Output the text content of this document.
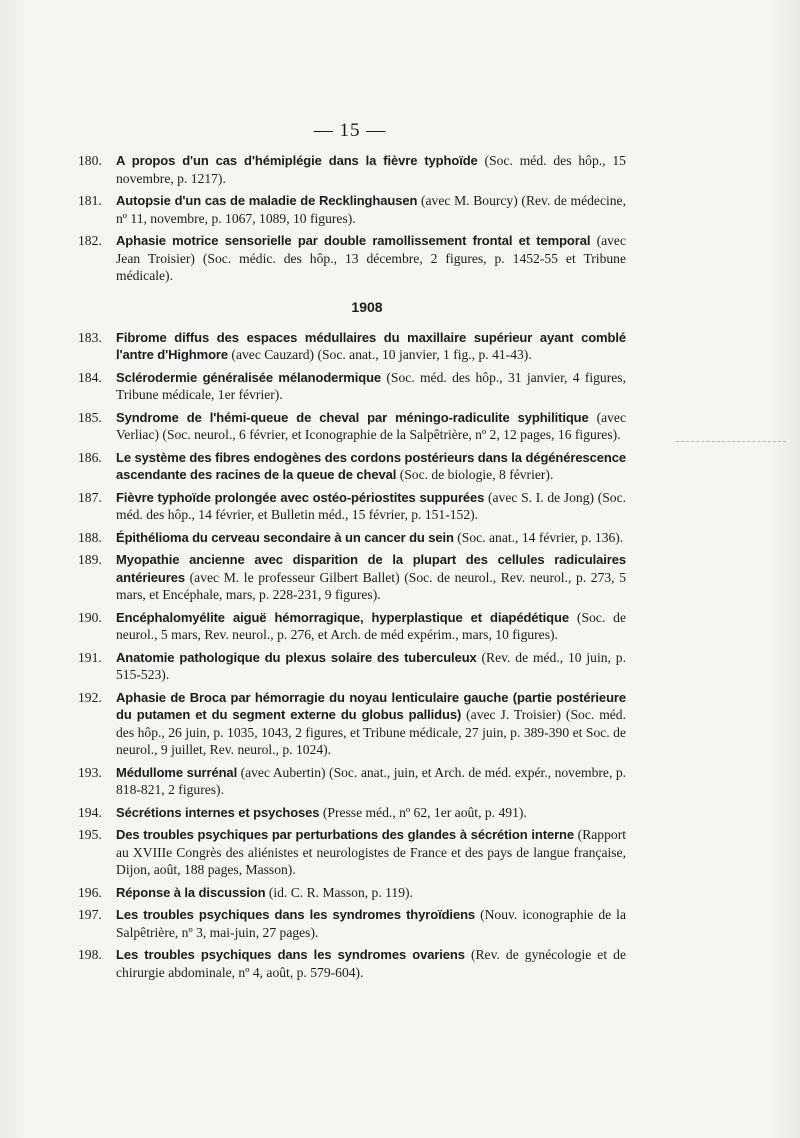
— 15 —
180. A propos d'un cas d'hémiplégie dans la fièvre typhoïde (Soc. méd. des hôp., 15 novembre, p. 1217).
181. Autopsie d'un cas de maladie de Recklinghausen (avec M. Bourcy) (Rev. de médecine, nº 11, novembre, p. 1067, 1089, 10 figures).
182. Aphasie motrice sensorielle par double ramollissement frontal et temporal (avec Jean Troisier) (Soc. médic. des hôp., 13 décembre, 2 figures, p. 1452-55 et Tribune médicale).
1908
183. Fibrome diffus des espaces médullaires du maxillaire supérieur ayant comblé l'antre d'Highmore (avec Cauzard) (Soc. anat., 10 janvier, 1 fig., p. 41-43).
184. Sclérodermie généralisée mélanodermique (Soc. méd. des hôp., 31 janvier, 4 figures, Tribune médicale, 1er février).
185. Syndrome de l'hémi-queue de cheval par méningo-radiculite syphilitique (avec Verliac) (Soc. neurol., 6 février, et Iconographie de la Salpêtrière, nº 2, 12 pages, 16 figures).
186. Le système des fibres endogènes des cordons postérieurs dans la dégénérescence ascendante des racines de la queue de cheval (Soc. de biologie, 8 février).
187. Fièvre typhoïde prolongée avec ostéo-périostites suppurées (avec S. I. de Jong) (Soc. méd. des hôp., 14 février, et Bulletin méd., 15 février, p. 151-152).
188. Épithélioma du cerveau secondaire à un cancer du sein (Soc. anat., 14 février, p. 136).
189. Myopathie ancienne avec disparition de la plupart des cellules radiculaires antérieures (avec M. le professeur Gilbert Ballet) (Soc. de neurol., Rev. neurol., p. 273, 5 mars, et Encéphale, mars, p. 228-231, 9 figures).
190. Encéphalomyélite aiguë hémorragique, hyperplastique et diapédétique (Soc. de neurol., 5 mars, Rev. neurol., p. 276, et Arch. de méd expérim., mars, 10 figures).
191. Anatomie pathologique du plexus solaire des tuberculeux (Rev. de méd., 10 juin, p. 515-523).
192. Aphasie de Broca par hémorragie du noyau lenticulaire gauche (partie postérieure du putamen et du segment externe du globus pallidus) (avec J. Troisier) (Soc. méd. des hôp., 26 juin, p. 1035, 1043, 2 figures, et Tribune médicale, 27 juin, p. 389-390 et Soc. de neurol., 9 juillet, Rev. neurol., p. 1024).
193. Médullome surrénal (avec Aubertin) (Soc. anat., juin, et Arch. de méd. expér., novembre, p. 818-821, 2 figures).
194. Sécrétions internes et psychoses (Presse méd., nº 62, 1er août, p. 491).
195. Des troubles psychiques par perturbations des glandes à sécrétion interne (Rapport au XVIIIe Congrès des aliénistes et neurologistes de France et des pays de langue française, Dijon, août, 188 pages, Masson).
196. Réponse à la discussion (id. C. R. Masson, p. 119).
197. Les troubles psychiques dans les syndromes thyroïdiens (Nouv. iconographie de la Salpêtrière, nº 3, mai-juin, 27 pages).
198. Les troubles psychiques dans les syndromes ovariens (Rev. de gynécologie et de chirurgie abdominale, nº 4, août, p. 579-604).
